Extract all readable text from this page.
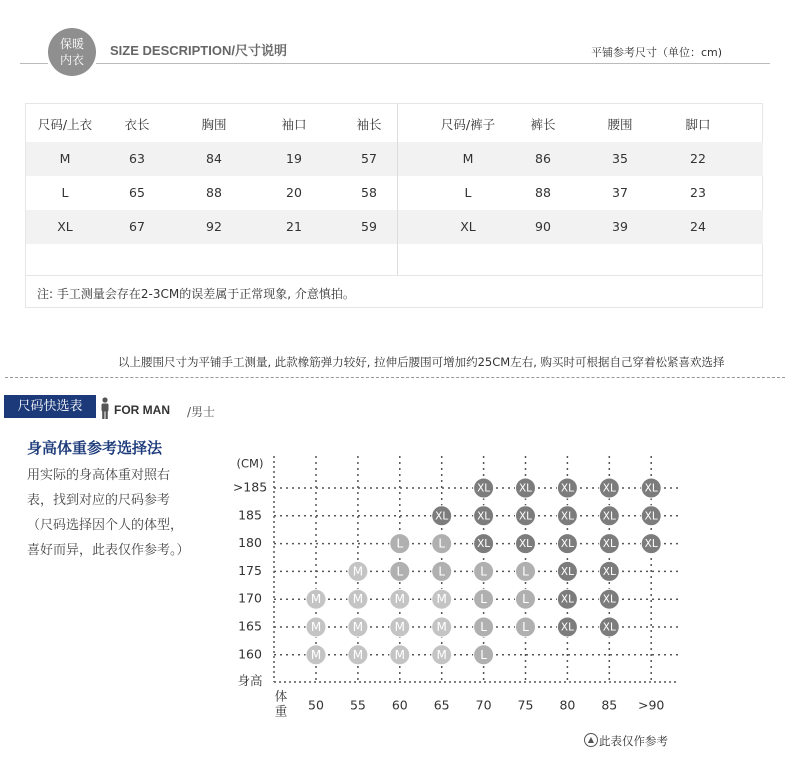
保暖
内衣
SIZE DESCRIPTION/尺寸说明	平铺参考尺寸（单位：cm)
尺码/上衣	衣长	胸围	袖口	袖长
M	63	84	19	57
L	65	88	20	58
XL	67	92	21	59
尺码/裤子	裤长	腰围	脚口
M	86	35	22
L	88	37	23
XL	90	39	24
注: 手工测量会存在2-3CM的误差属于正常现象, 介意慎拍。
以上腰围尺寸为平铺手工测量, 此款橡筋弹力较好, 拉伸后腰围可增加约25CM左右, 购买时可根据自己穿着松紧喜欢选择
尺码快选表	FOR MAN /男士
身高体重参考选择法
用实际的身高体重对照右表，找到对应的尺码参考（尺码选择因个人的体型，喜好而异，此表仅作参考。）
(CM)
>185
185
180
175
170
165
160
身高
体
重 50 55 60 65 70 75 80 85 >90
XL	XL	XL	XL	XL
XL	XL	XL	XL	XL	XL
L	L	XL	XL	XL	XL	XL
M	L	L	L	L	XL	XL
M	M	M	M	L	L	XL	XL
M	M	M	M	L	L	XL	XL
M	M	M	M	L
▲ 此表仅作参考
